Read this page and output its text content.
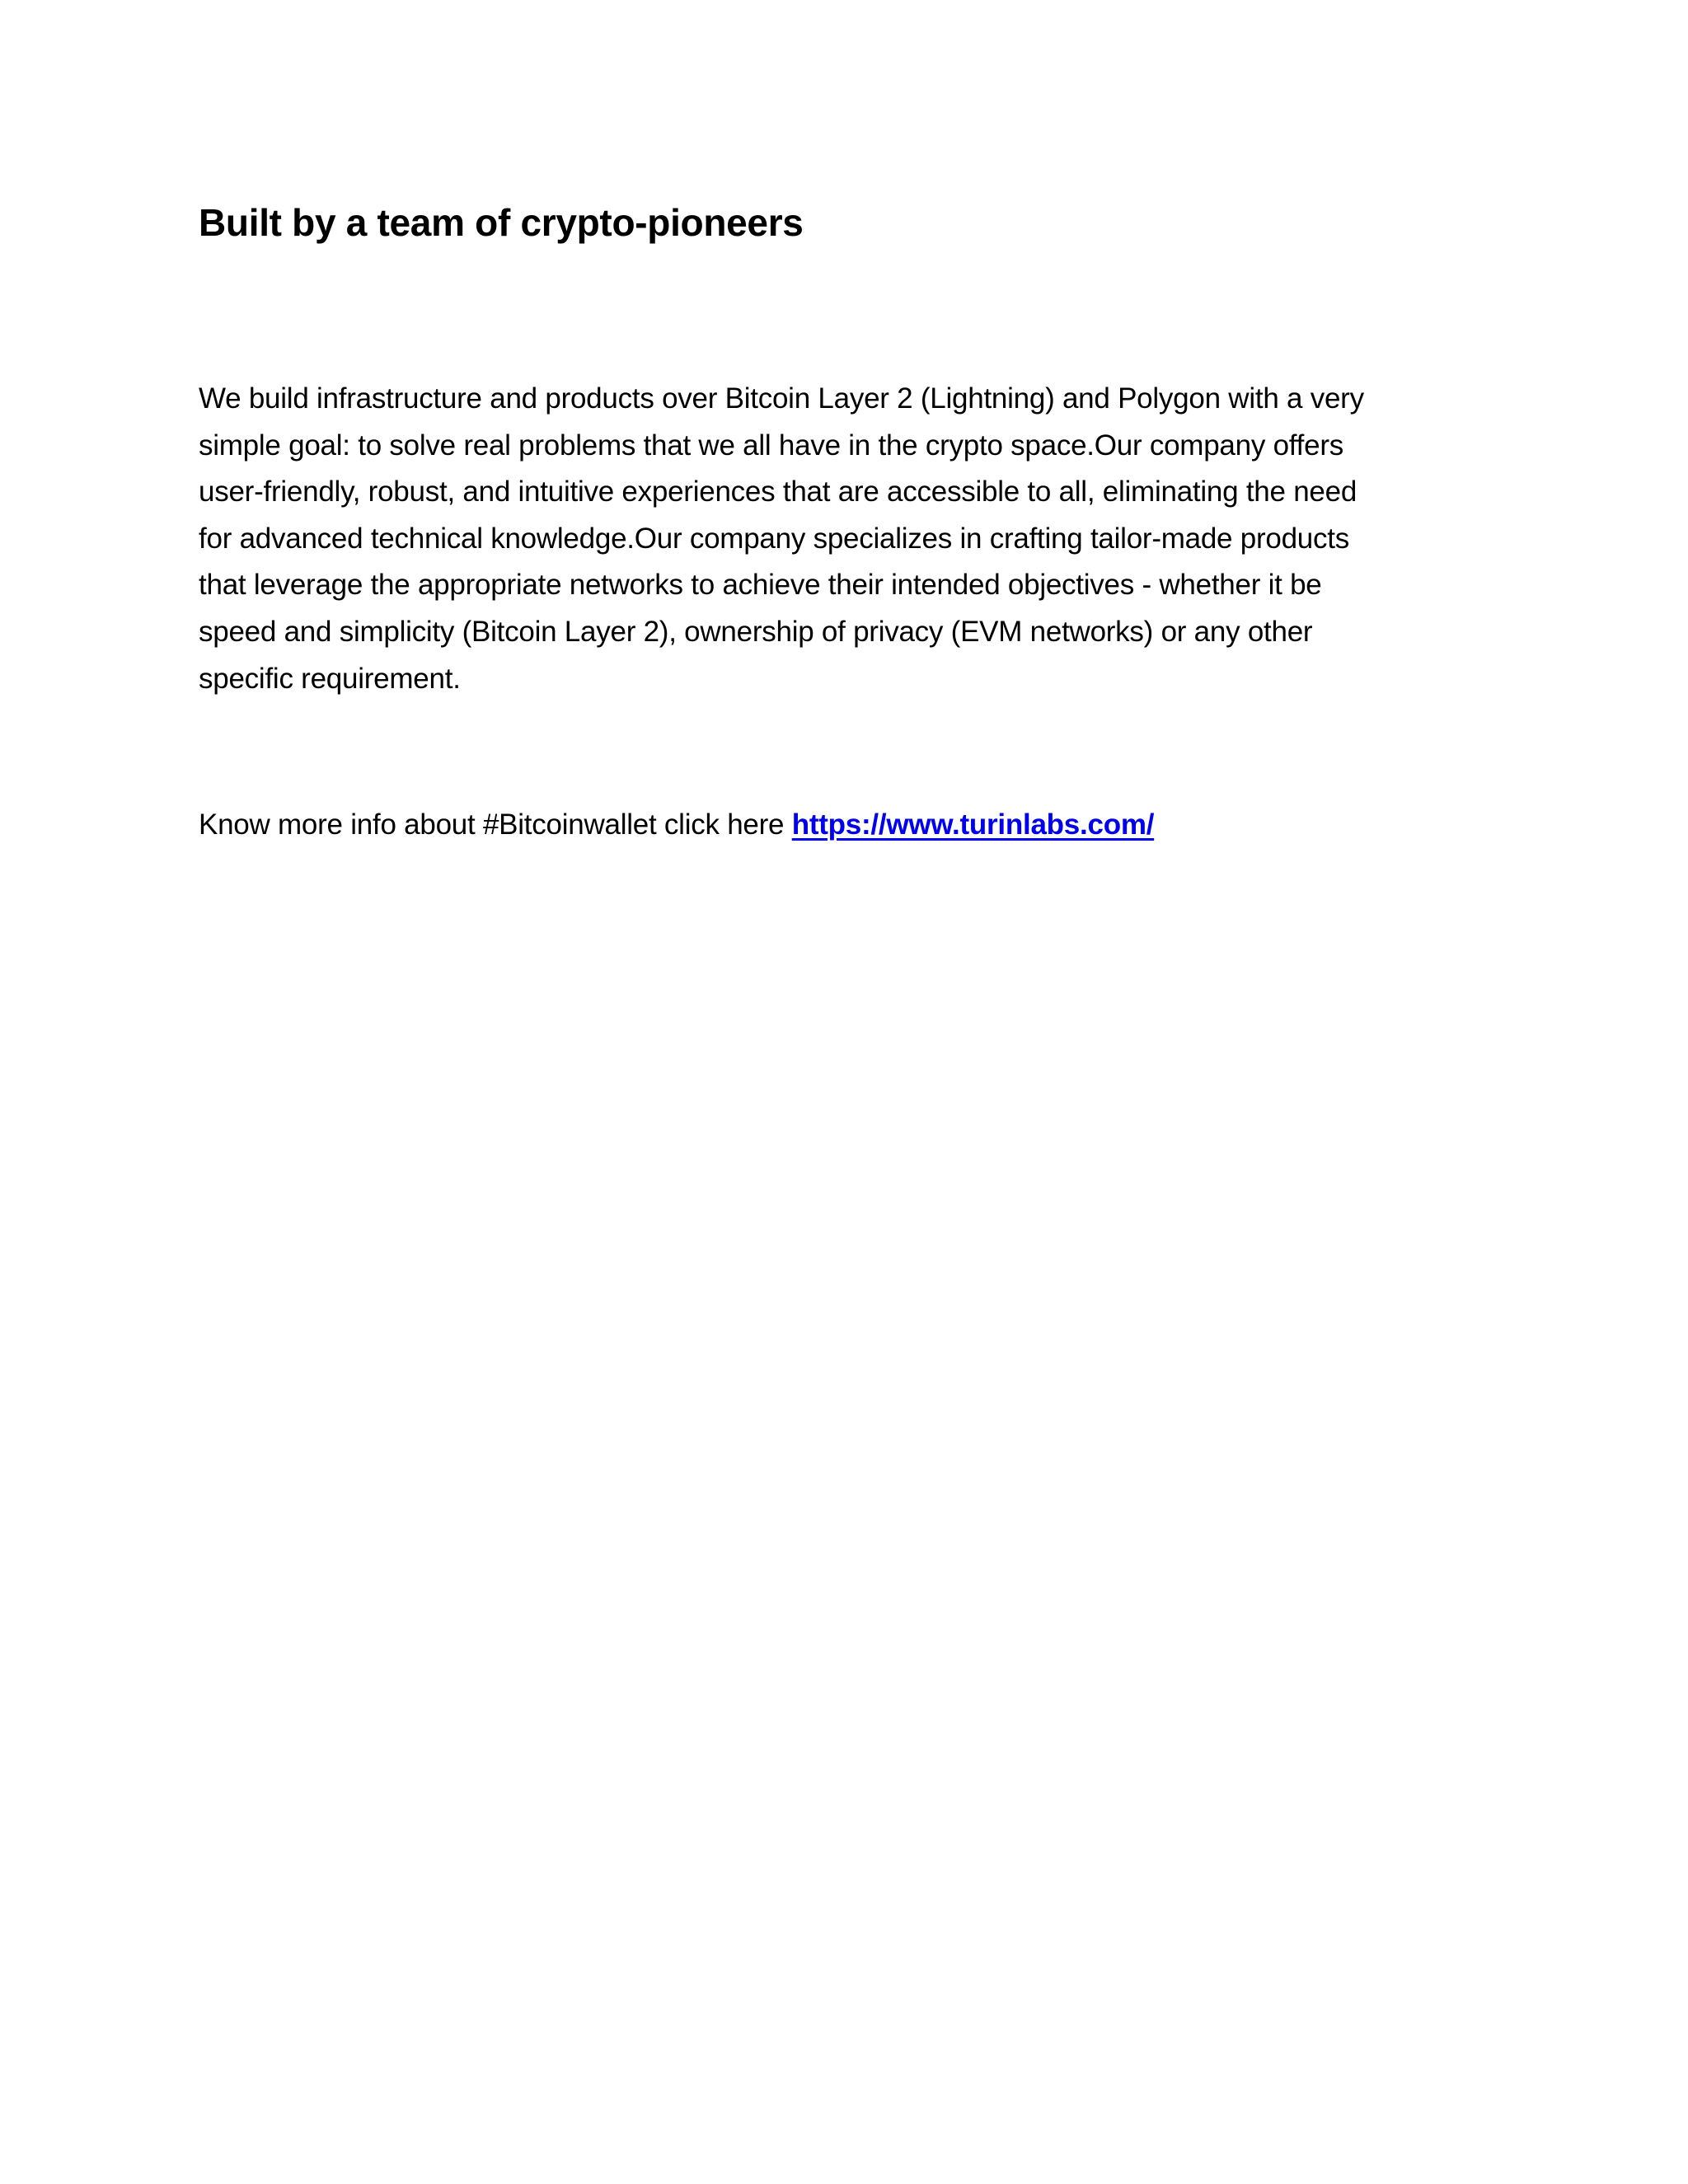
Built by a team of crypto-pioneers

We build infrastructure and products over Bitcoin Layer 2 (Lightning) and Polygon with a very
simple goal: to solve real problems that we all have in the crypto space.Our company offers
user-friendly, robust, and intuitive experiences that are accessible to all, eliminating the need
for advanced technical knowledge.Our company specializes in crafting tailor-made products
that leverage the appropriate networks to achieve their intended objectives - whether it be
speed and simplicity (Bitcoin Layer 2), ownership of privacy (EVM networks) or any other
specific requirement.

Know more info about #Bitcoinwallet click here https://www.turinlabs.com/
